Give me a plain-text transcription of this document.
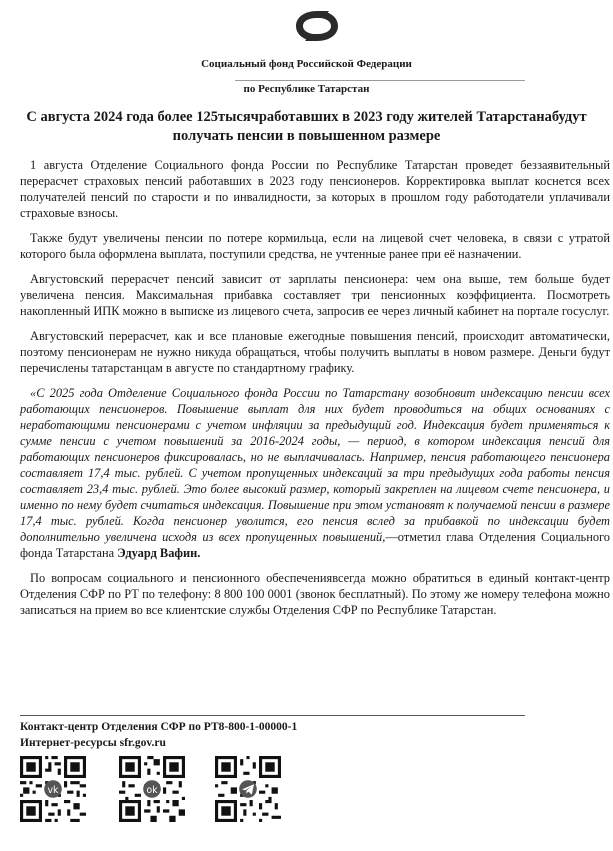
Социальный фонд Российской Федерации
по Республике Татарстан
С августа 2024 года более 125тысячработавших в 2023 году жителей Татарстанабудут
получать пенсии в повышенном размере

1 августа Отделение Социального фонда России по Республике Татарстан проведет беззаявительный перерасчет страховых пенсий работавших в 2023 году пенсионеров. Корректировка выплат коснется всех получателей пенсий по старости и по инвалидности, за которых в прошлом году работодатели уплачивали страховые взносы.

Также будут увеличены пенсии по потере кормильца, если на лицевой счет человека, в связи с утратой которого была оформлена выплата, поступили средства, не учтенные ранее при её назначении.

Августовский перерасчет пенсий зависит от зарплаты пенсионера: чем она выше, тем больше будет увеличена пенсия. Максимальная прибавка составляет три пенсионных коэффициента. Посмотреть накопленный ИПК можно в выписке из лицевого счета, запросив ее через личный кабинет на портале госуслуг.

Августовский перерасчет, как и все плановые ежегодные повышения пенсий, происходит автоматически, поэтому пенсионерам не нужно никуда обращаться, чтобы получить выплаты в новом размере. Деньги будут перечислены татарстанцам в августе по стандартному графику.

«С 2025 года Отделение Социального фонда России по Татарстану возобновит индексацию пенсии всех работающих пенсионеров. Повышение выплат для них будет проводиться на общих основаниях с неработающими пенсионерами с учетом инфляции за предыдущий год. Индексация будет применяться к сумме пенсии с учетом повышений за 2016-2024 годы, — период, в котором индексация пенсий для работающих пенсионеров фиксировалась, но не выплачивалась. Например, пенсия работающего пенсионера составляет 17,4 тыс. рублей. С учетом пропущенных индексаций за три предыдущих года работы пенсия составляет 23,4 тыс. рублей. Это более высокий размер, который закреплен на лицевом счете пенсионера, и именно по нему будет считаться индексация. Повышение при этом установят к получаемой пенсии в размере 17,4 тыс. рублей. Когда пенсионер уволится, его пенсия вслед за прибавкой по индексации будет дополнительно увеличена исходя из всех пропущенных повышений,—отметил глава Отделения Социального фонда Татарстана Эдуард Вафин.

По вопросам социального и пенсионного обеспечениявсегда можно обратиться в единый контакт-центр Отделения СФР по РТ по телефону: 8 800 100 0001 (звонок бесплатный). По этому же номеру телефона можно записаться на прием во все клиентские службы Отделения СФР по Республике Татарстан.

Контакт-центр Отделения СФР по РТ8-800-1-00000-1
Интернет-ресурсы sfr.gov.ru
vk	ok
